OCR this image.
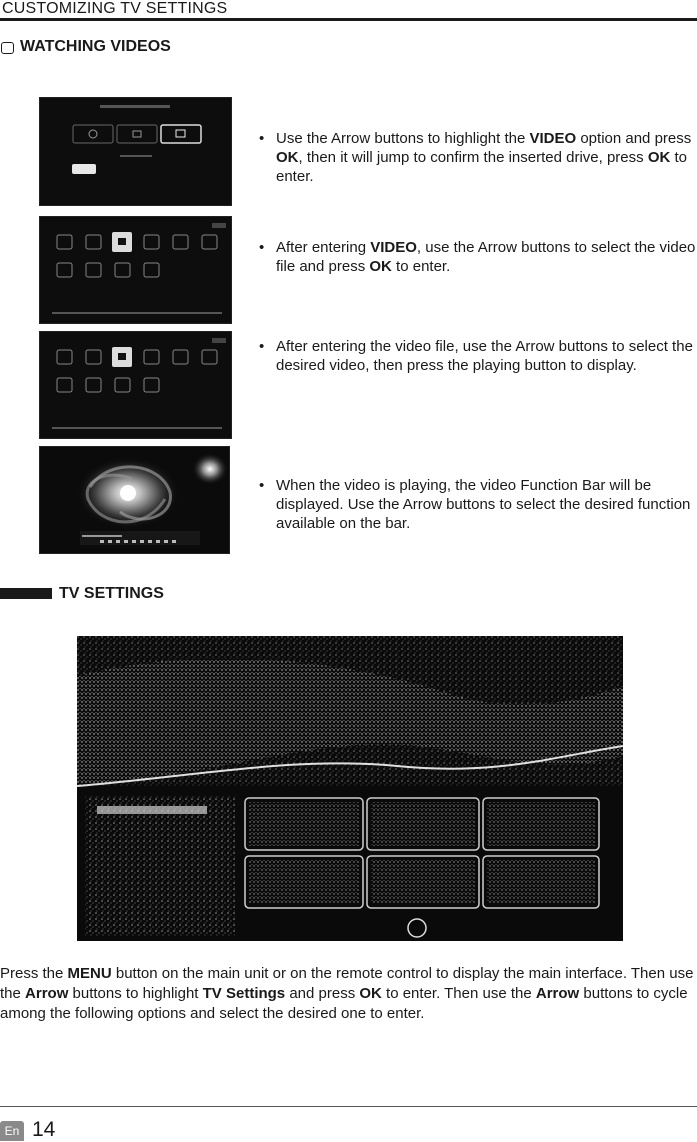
CUSTOMIZING TV SETTINGS
WATCHING VIDEOS
• Use the Arrow buttons to highlight the VIDEO option and press OK, then it will jump to confirm the inserted drive, press OK to enter.
• After entering VIDEO, use the Arrow buttons to select the video file and press OK to enter.
• After entering the video file, use the Arrow buttons to select the desired video, then press the playing button to display.
• When the video is playing, the video Function Bar will be displayed. Use the Arrow buttons to select the desired function available on the bar.
TV SETTINGS
Press the MENU button on the main unit or on the remote control to display the main interface. Then use the Arrow buttons to highlight TV Settings and press OK to enter. Then use the Arrow buttons to cycle among the following options and select the desired one to enter.
En 14
